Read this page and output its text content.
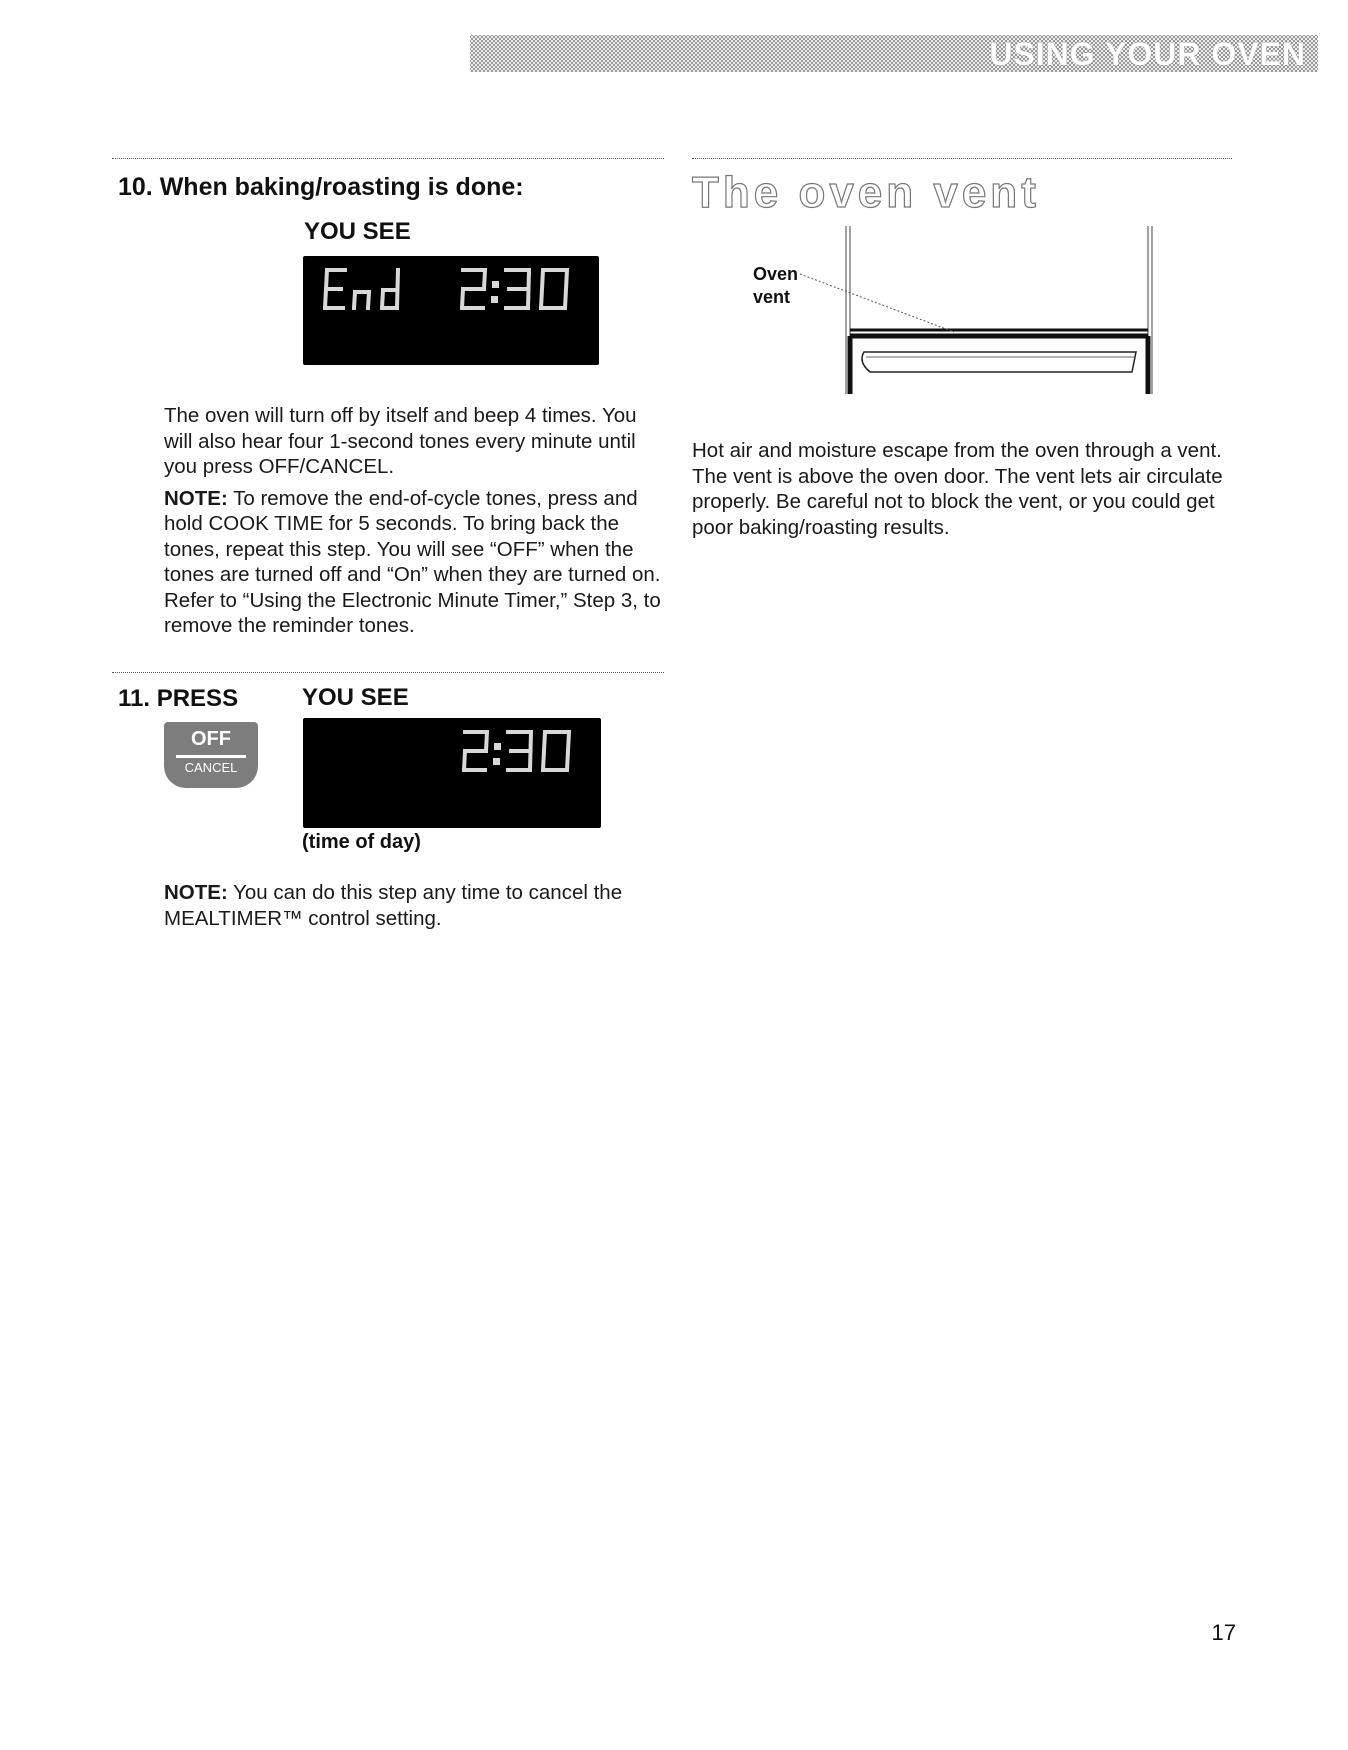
USING YOUR OVEN
10. When baking/roasting is done:
YOU SEE

The oven will turn off by itself and beep 4 times. You will also hear four 1-second tones every minute until you press OFF/CANCEL.

NOTE: To remove the end-of-cycle tones, press and hold COOK TIME for 5 seconds. To bring back the tones, repeat this step. You will see “OFF” when the tones are turned off and “On” when they are turned on. Refer to “Using the Electronic Minute Timer,” Step 3, to remove the reminder tones.

11. PRESS	YOU SEE
OFF
CANCEL
(time of day)

NOTE: You can do this step any time to cancel the MEALTIMER™ control setting.

The oven vent
Oven
vent

Hot air and moisture escape from the oven through a vent. The vent is above the oven door. The vent lets air circulate properly. Be careful not to block the vent, or you could get poor baking/roasting results.

17
